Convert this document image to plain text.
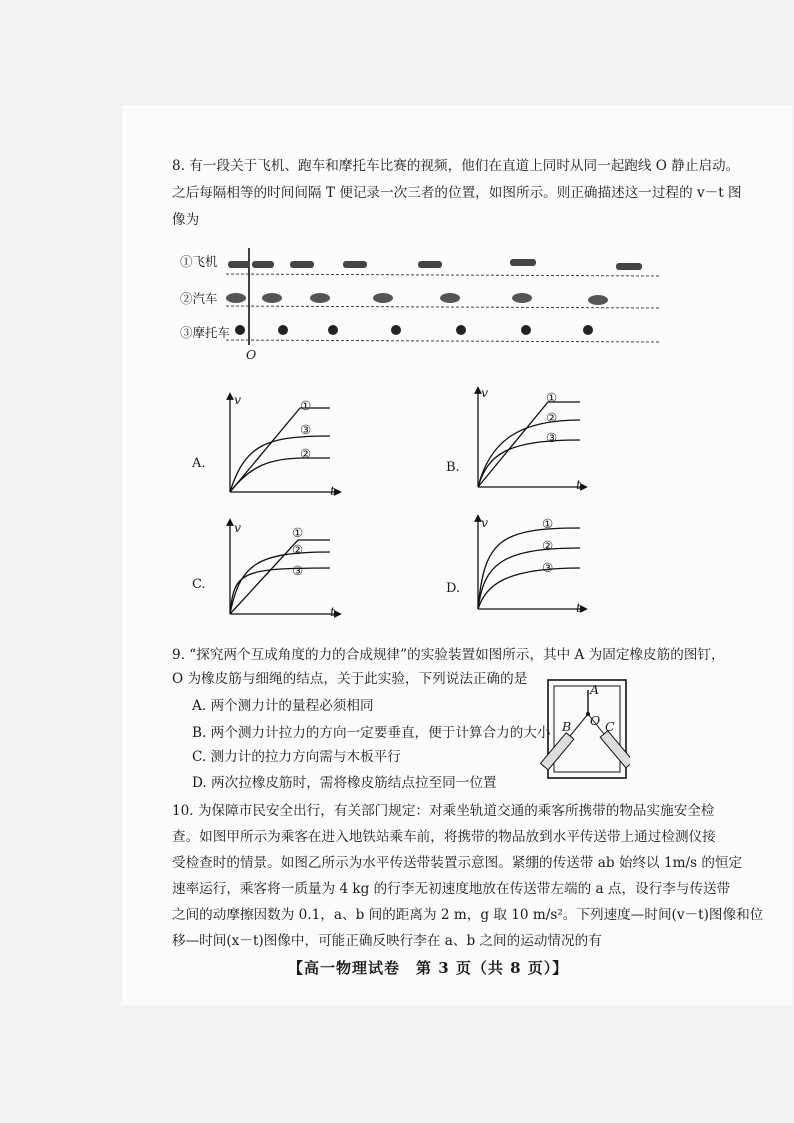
8. 有一段关于飞机、跑车和摩托车比赛的视频，他们在直道上同时从同一起跑线 O 静止启动。
之后每隔相等的时间间隔 T 便记录一次三者的位置，如图所示。则正确描述这一过程的 v－t 图
像为
①飞机
②汽车
③摩托车
O
A.	B.
C.	D.
v
t
v
t
v
t
v
t
①
③
②
①
②
③
①
②
③
①
②
③
9. “探究两个互成角度的力的合成规律”的实验装置如图所示，其中 A 为固定橡皮筋的图钉，
O 为橡皮筋与细绳的结点，关于此实验，下列说法正确的是
A. 两个测力计的量程必须相同
B. 两个测力计拉力的方向一定要垂直，便于计算合力的大小
C. 测力计的拉力方向需与木板平行
D. 两次拉橡皮筋时，需将橡皮筋结点拉至同一位置
A
B O C
10. 为保障市民安全出行，有关部门规定：对乘坐轨道交通的乘客所携带的物品实施安全检
查。如图甲所示为乘客在进入地铁站乘车前，将携带的物品放到水平传送带上通过检测仪接
受检查时的情景。如图乙所示为水平传送带装置示意图。紧绷的传送带 ab 始终以 1m/s 的恒定
速率运行，乘客将一质量为 4 kg 的行李无初速度地放在传送带左端的 a 点，设行李与传送带
之间的动摩擦因数为 0.1，a、b 间的距离为 2 m，g 取 10 m/s²。下列速度—时间(v－t)图像和位
移—时间(x－t)图像中，可能正确反映行李在 a、b 之间的运动情况的有
【高一物理试卷　第 3 页（共 8 页）】
